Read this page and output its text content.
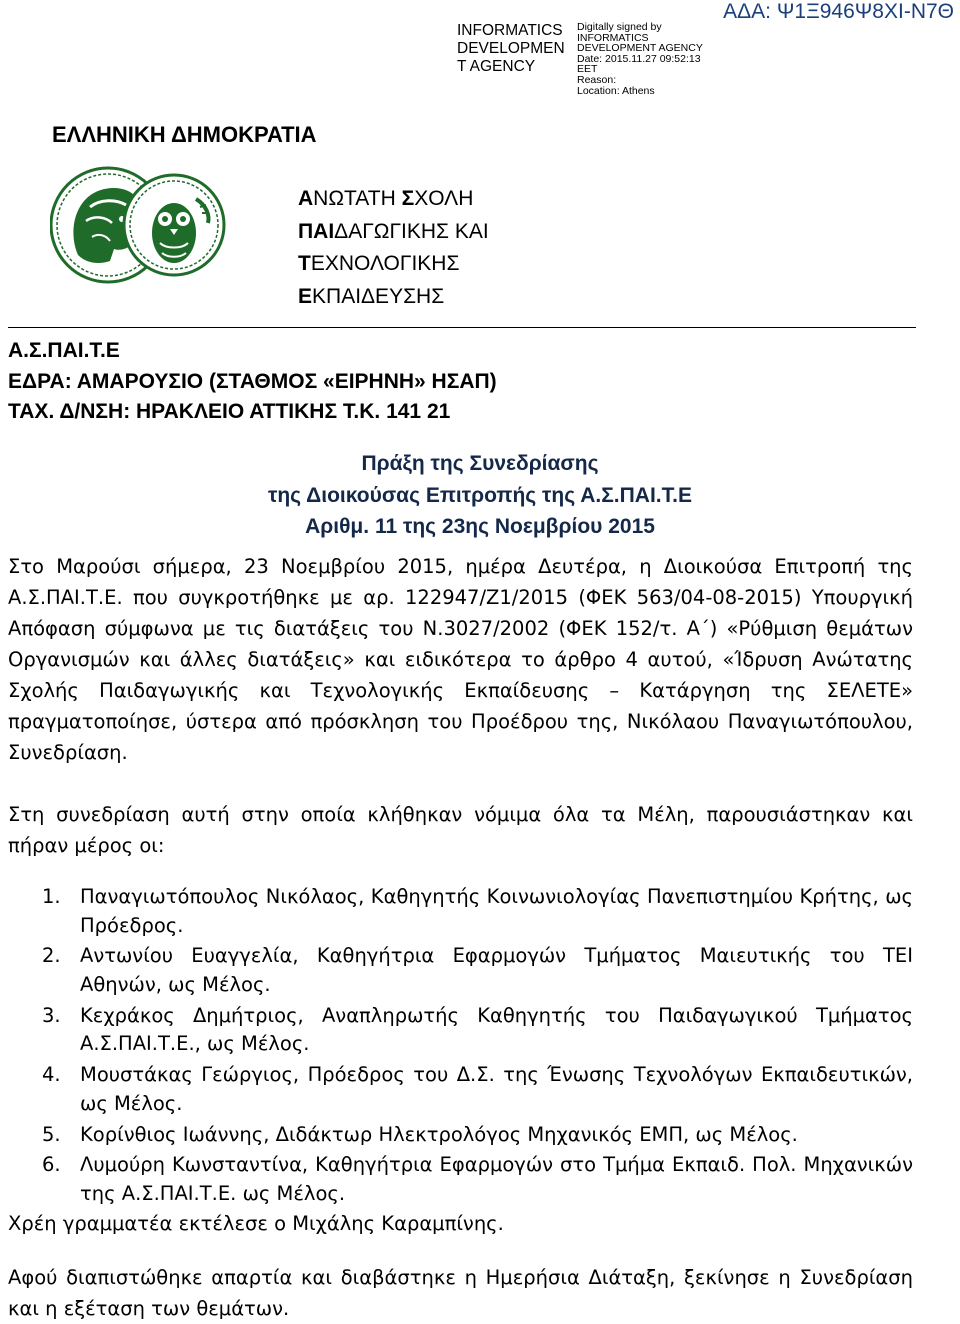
INFORMATICS DEVELOPMEN T AGENCY
Digitally signed by
INFORMATICS
DEVELOPMENT AGENCY
Date: 2015.11.27 09:52:13
EET
Reason:
Location: Athens
ΑΔΑ: Ψ1Ξ946Ψ8ΧΙ-Ν7Θ
ΕΛΛΗΝΙΚΗ ΔΗΜΟΚΡΑΤΙΑ
ΑΝΩΤΑΤΗ ΣΧΟΛΗ
ΠΑΙΔΑΓΩΓΙΚΗΣ ΚΑΙ
ΤΕΧΝΟΛΟΓΙΚΗΣ
ΕΚΠΑΙΔΕΥΣΗΣ
Α.Σ.ΠΑΙ.Τ.Ε
ΕΔΡΑ: ΑΜΑΡΟΥΣΙΟ (ΣΤΑΘΜΟΣ «ΕΙΡΗΝΗ» ΗΣΑΠ)
ΤΑΧ. Δ/ΝΣΗ: ΗΡΑΚΛΕΙΟ ΑΤΤΙΚΗΣ Τ.Κ. 141 21
Πράξη της Συνεδρίασης
της Διοικούσας Επιτροπής της Α.Σ.ΠΑΙ.Τ.Ε
Αριθμ. 11 της 23ης Νοεμβρίου 2015
Στο Μαρούσι σήμερα, 23 Νοεμβρίου 2015, ημέρα Δευτέρα, η Διοικούσα Επιτροπή της Α.Σ.ΠΑΙ.Τ.Ε. που συγκροτήθηκε με αρ. 122947/Ζ1/2015 (ΦΕΚ 563/04-08-2015) Υπουργική Απόφαση σύμφωνα με τις διατάξεις του Ν.3027/2002 (ΦΕΚ 152/τ. Α΄) «Ρύθμιση θεμάτων Οργανισμών και άλλες διατάξεις» και ειδικότερα το άρθρο 4 αυτού, «Ίδρυση Ανώτατης Σχολής Παιδαγωγικής και Τεχνολογικής Εκπαίδευσης – Κατάργηση της ΣΕΛΕΤΕ» πραγματοποίησε, ύστερα από πρόσκληση του Προέδρου της, Νικόλαου Παναγιωτόπουλου, Συνεδρίαση.
Στη συνεδρίαση αυτή στην οποία κλήθηκαν νόμιμα όλα τα Μέλη, παρουσιάστηκαν και πήραν μέρος οι:
1. Παναγιωτόπουλος Νικόλαος, Καθηγητής Κοινωνιολογίας Πανεπιστημίου Κρήτης, ως Πρόεδρος.
2. Αντωνίου Ευαγγελία, Καθηγήτρια Εφαρμογών Τμήματος Μαιευτικής του ΤΕΙ Αθηνών, ως Μέλος.
3. Κεχράκος Δημήτριος, Αναπληρωτής Καθηγητής του Παιδαγωγικού Τμήματος Α.Σ.ΠΑΙ.Τ.Ε., ως Μέλος.
4. Μουστάκας Γεώργιος, Πρόεδρος του Δ.Σ. της Ένωσης Τεχνολόγων Εκπαιδευτικών, ως Μέλος.
5. Κορίνθιος Ιωάννης, Διδάκτωρ Ηλεκτρολόγος Μηχανικός ΕΜΠ, ως Μέλος.
6. Λυμούρη Κωνσταντίνα, Καθηγήτρια Εφαρμογών στο Τμήμα Εκπαιδ. Πολ. Μηχανικών της Α.Σ.ΠΑΙ.Τ.Ε. ως Μέλος.
Χρέη γραμματέα εκτέλεσε ο Μιχάλης Καραμπίνης.
Αφού διαπιστώθηκε απαρτία και διαβάστηκε η Ημερήσια Διάταξη, ξεκίνησε η Συνεδρίαση και η εξέταση των θεμάτων.
